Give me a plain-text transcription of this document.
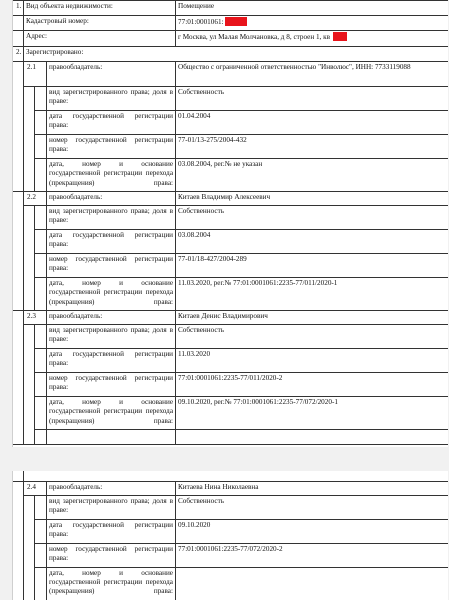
1.	Вид объекта недвижимости:			Помещение
	Кадастровый номер:			77:01:0001061:
	Адрес:			г Москва, ул Малая Молчановка, д 8, строен 1, кв
2.	Зарегистрировано:			
	2.1		правообладатель:	Общество с ограниченной ответственностью "Инволюс", ИНН: 7733119088
			вид зарегистрированного права; доля в праве:	Собственность
			дата государственной регистрации права:	01.04.2004
			номер государственной регистрации права:	77-01/13-275/2004-432
			дата, номер и основание государственной регистрации перехода (прекращения) права:	03.08.2004, рег.№ не указан
	2.2		правообладатель:	Китаев Владимир Алексеевич
			вид зарегистрированного права; доля в праве:	Собственность
			дата государственной регистрации права:	03.08.2004
			номер государственной регистрации права:	77-01/18-427/2004-289
			дата, номер и основание государственной регистрации перехода (прекращения) права:	11.03.2020, рег.№ 77:01:0001061:2235-77/011/2020-1
	2.3		правообладатель:	Китаев Денис Владимирович
			вид зарегистрированного права; доля в праве:	Собственность
			дата государственной регистрации права:	11.03.2020
			номер государственной регистрации права:	77:01:0001061:2235-77/011/2020-2
			дата, номер и основание государственной регистрации перехода (прекращения) права:	09.10.2020, рег.№ 77:01:0001061:2235-77/072/2020-1

	2.4		правообладатель:	Китаева Нина Николаевна
			вид зарегистрированного права; доля в праве:	Собственность
			дата государственной регистрации права:	09.10.2020
			номер государственной регистрации права:	77:01:0001061:2235-77/072/2020-2
			дата, номер и основание государственной регистрации перехода (прекращения) права:	
